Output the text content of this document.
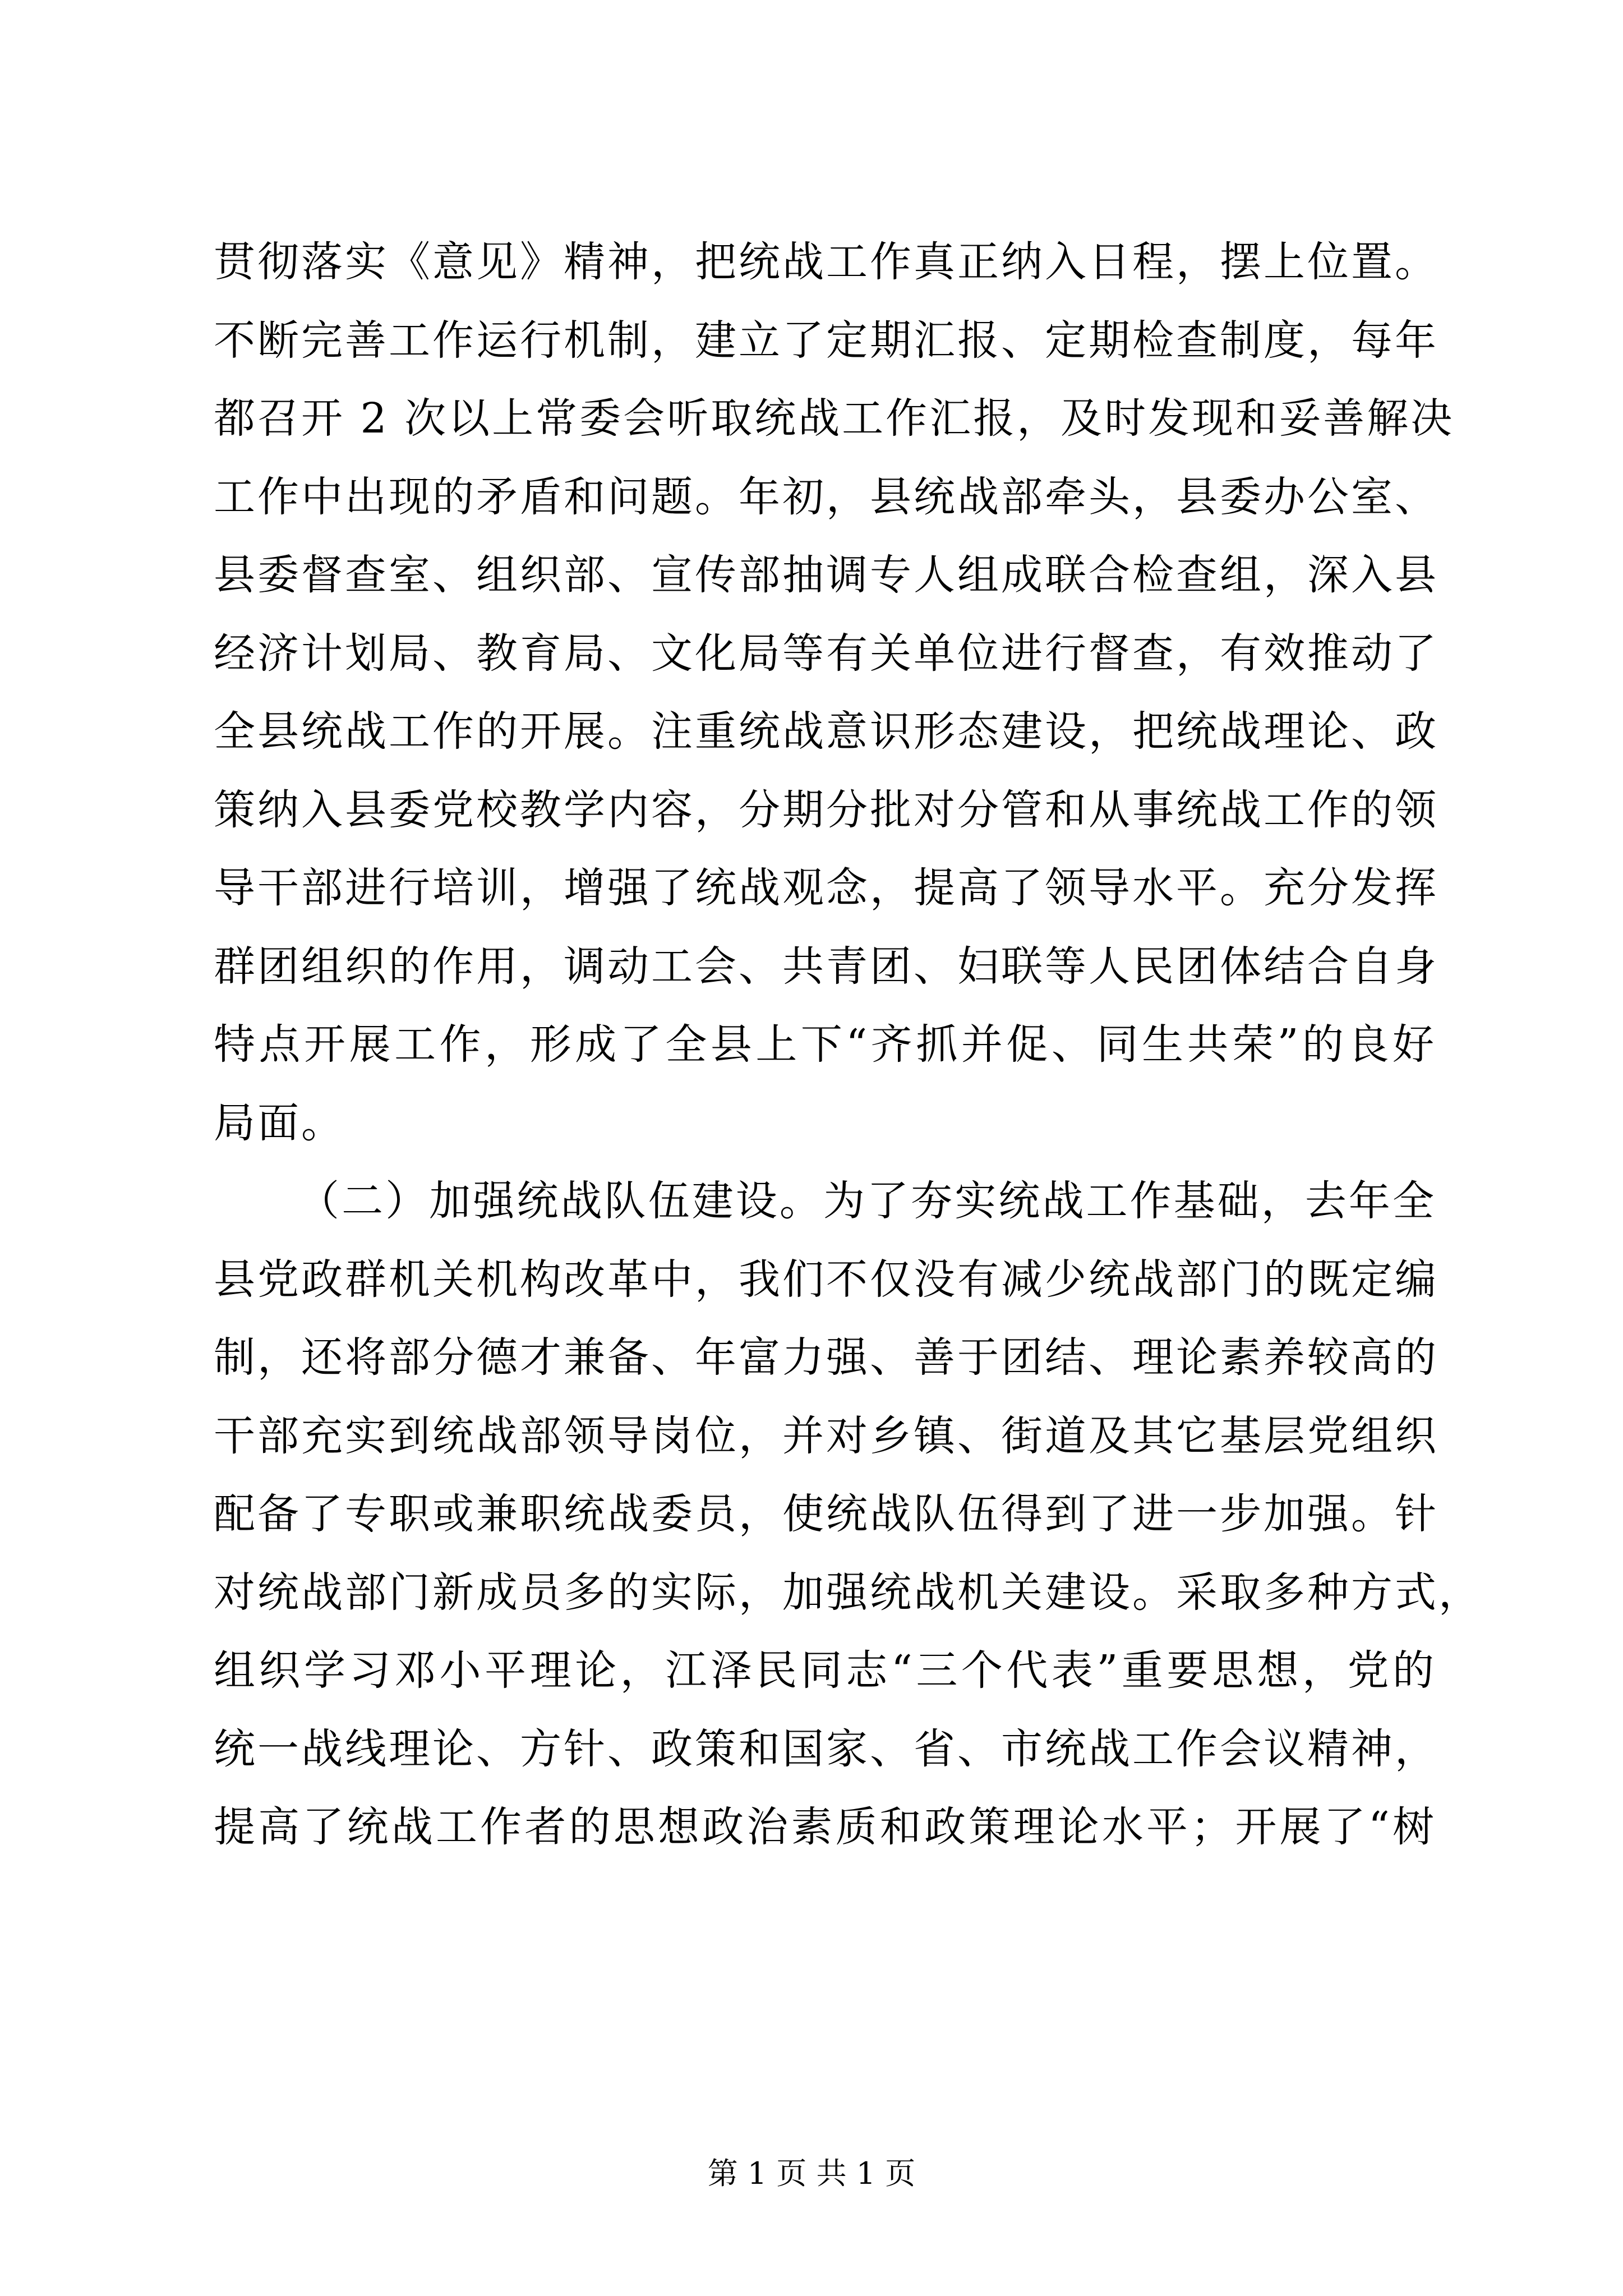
贯彻落实《意见》精神，把统战工作真正纳入日程，摆上位置。
不断完善工作运行机制，建立了定期汇报、定期检查制度，每年
都召开 2 次以上常委会听取统战工作汇报，及时发现和妥善解决
工作中出现的矛盾和问题。年初，县统战部牵头，县委办公室、
县委督查室、组织部、宣传部抽调专人组成联合检查组，深入县
经济计划局、教育局、文化局等有关单位进行督查，有效推动了
全县统战工作的开展。注重统战意识形态建设，把统战理论、政
策纳入县委党校教学内容，分期分批对分管和从事统战工作的领
导干部进行培训，增强了统战观念，提高了领导水平。充分发挥
群团组织的作用，调动工会、共青团、妇联等人民团体结合自身
特点开展工作，形成了全县上下“齐抓并促、同生共荣”的良好
局面。
（二）加强统战队伍建设。为了夯实统战工作基础，去年全
县党政群机关机构改革中，我们不仅没有减少统战部门的既定编
制，还将部分德才兼备、年富力强、善于团结、理论素养较高的
干部充实到统战部领导岗位，并对乡镇、街道及其它基层党组织
配备了专职或兼职统战委员，使统战队伍得到了进一步加强。针
对统战部门新成员多的实际，加强统战机关建设。采取多种方式，
组织学习邓小平理论，江泽民同志“三个代表”重要思想，党的
统一战线理论、方针、政策和国家、省、市统战工作会议精神，
提高了统战工作者的思想政治素质和政策理论水平；开展了“树
第 1 页 共 1 页
